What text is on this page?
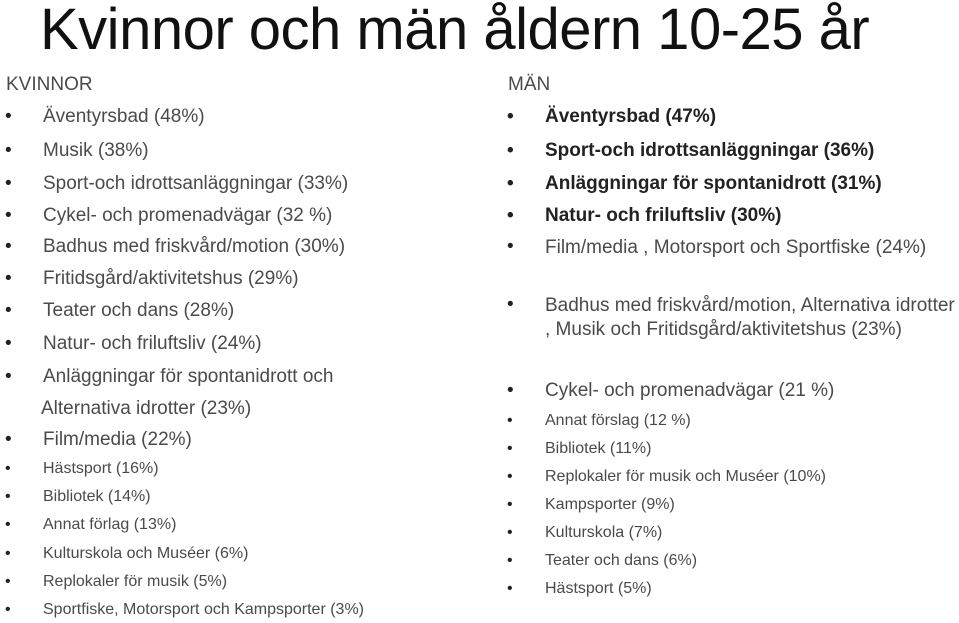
Kvinnor och män åldern 10-25 år
KVINNOR
• Äventyrsbad (48%)
• Musik (38%)
• Sport-och idrottsanläggningar (33%)
• Cykel- och promenadvägar (32 %)
• Badhus med friskvård/motion (30%)
• Fritidsgård/aktivitetshus (29%)
• Teater och dans (28%)
• Natur- och friluftsliv (24%)
• Anläggningar för spontanidrott och
Alternativa idrotter (23%)
• Film/media (22%)
• Hästsport (16%)
• Bibliotek (14%)
• Annat förlag (13%)
• Kulturskola och Muséer (6%)
• Replokaler för musik (5%)
• Sportfiske, Motorsport och Kampsporter (3%)
MÄN
• Äventyrsbad (47%)
• Sport-och idrottsanläggningar (36%)
• Anläggningar för spontanidrott (31%)
• Natur- och friluftsliv (30%)
• Film/media , Motorsport och Sportfiske (24%)
• Badhus med friskvård/motion, Alternativa idrotter , Musik och Fritidsgård/aktivitetshus (23%)
• Cykel- och promenadvägar (21 %)
• Annat förslag (12 %)
• Bibliotek (11%)
• Replokaler för musik och Muséer (10%)
• Kampsporter (9%)
• Kulturskola (7%)
• Teater och dans (6%)
• Hästsport (5%)
